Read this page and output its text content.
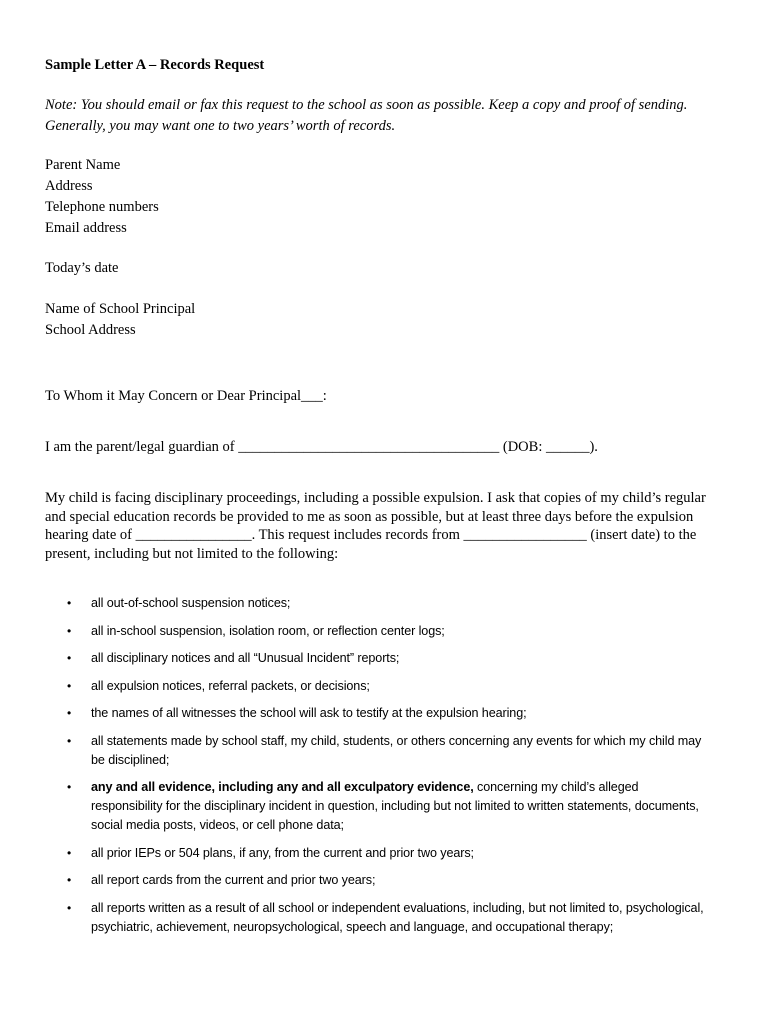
Sample Letter A – Records Request
Note: You should email or fax this request to the school as soon as possible. Keep a copy and proof of sending. Generally, you may want one to two years’ worth of records.
Parent Name
Address
Telephone numbers
Email address
Today’s date
Name of School Principal
School Address
To Whom it May Concern or Dear Principal___:
I am the parent/legal guardian of ____________________________________ (DOB: ______).
My child is facing disciplinary proceedings, including a possible expulsion. I ask that copies of my child’s regular and special education records be provided to me as soon as possible, but at least three days before the expulsion hearing date of ________________. This request includes records from _________________ (insert date) to the present, including but not limited to the following:
• all out-of-school suspension notices;
• all in-school suspension, isolation room, or reflection center logs;
• all disciplinary notices and all “Unusual Incident” reports;
• all expulsion notices, referral packets, or decisions;
• the names of all witnesses the school will ask to testify at the expulsion hearing;
• all statements made by school staff, my child, students, or others concerning any events for which my child may be disciplined;
• any and all evidence, including any and all exculpatory evidence, concerning my child’s alleged responsibility for the disciplinary incident in question, including but not limited to written statements, documents, social media posts, videos, or cell phone data;
• all prior IEPs or 504 plans, if any, from the current and prior two years;
• all report cards from the current and prior two years;
• all reports written as a result of all school or independent evaluations, including, but not limited to, psychological, psychiatric, achievement, neuropsychological, speech and language, and occupational therapy;
